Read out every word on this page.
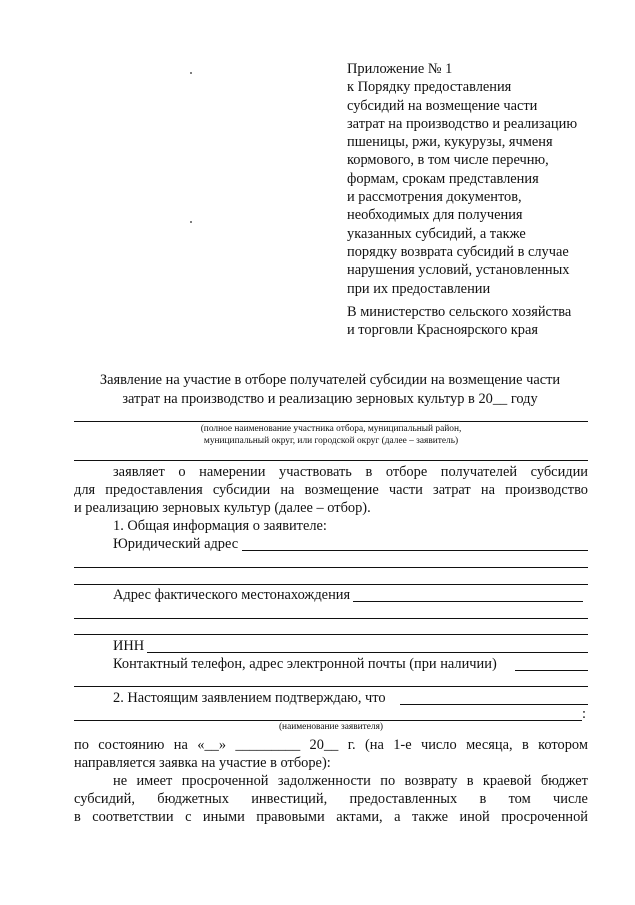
Приложение № 1
к Порядку предоставления
субсидий на возмещение части
затрат на производство и реализацию
пшеницы, ржи, кукурузы, ячменя
кормового, в том числе перечню,
формам, срокам представления
и рассмотрения документов,
необходимых для получения
указанных субсидий, а также
порядку возврата субсидий в случае
нарушения условий, установленных
при их предоставлении
В министерство сельского хозяйства
и торговли Красноярского края
Заявление на участие в отборе получателей субсидии на возмещение части
затрат на производство и реализацию зерновых культур в 20__ году
(полное наименование участника отбора, муниципальный район,
муниципальный округ, или городской округ (далее – заявитель)
заявляет о намерении участвовать в отборе получателей субсидии
для предоставления субсидии на возмещение части затрат на производство
и реализацию зерновых культур (далее – отбор).
1. Общая информация о заявителе:
Юридический адрес
Адрес фактического местонахождения
ИНН
Контактный телефон, адрес электронной почты (при наличии)
2. Настоящим заявлением подтверждаю, что
:
(наименование заявителя)
по состоянию на «__» _________ 20__ г. (на 1-е число месяца, в котором
направляется заявка на участие в отборе):
не имеет просроченной задолженности по возврату в краевой бюджет
субсидий, бюджетных инвестиций, предоставленных в том числе
в соответствии с иными правовыми актами, а также иной просроченной
